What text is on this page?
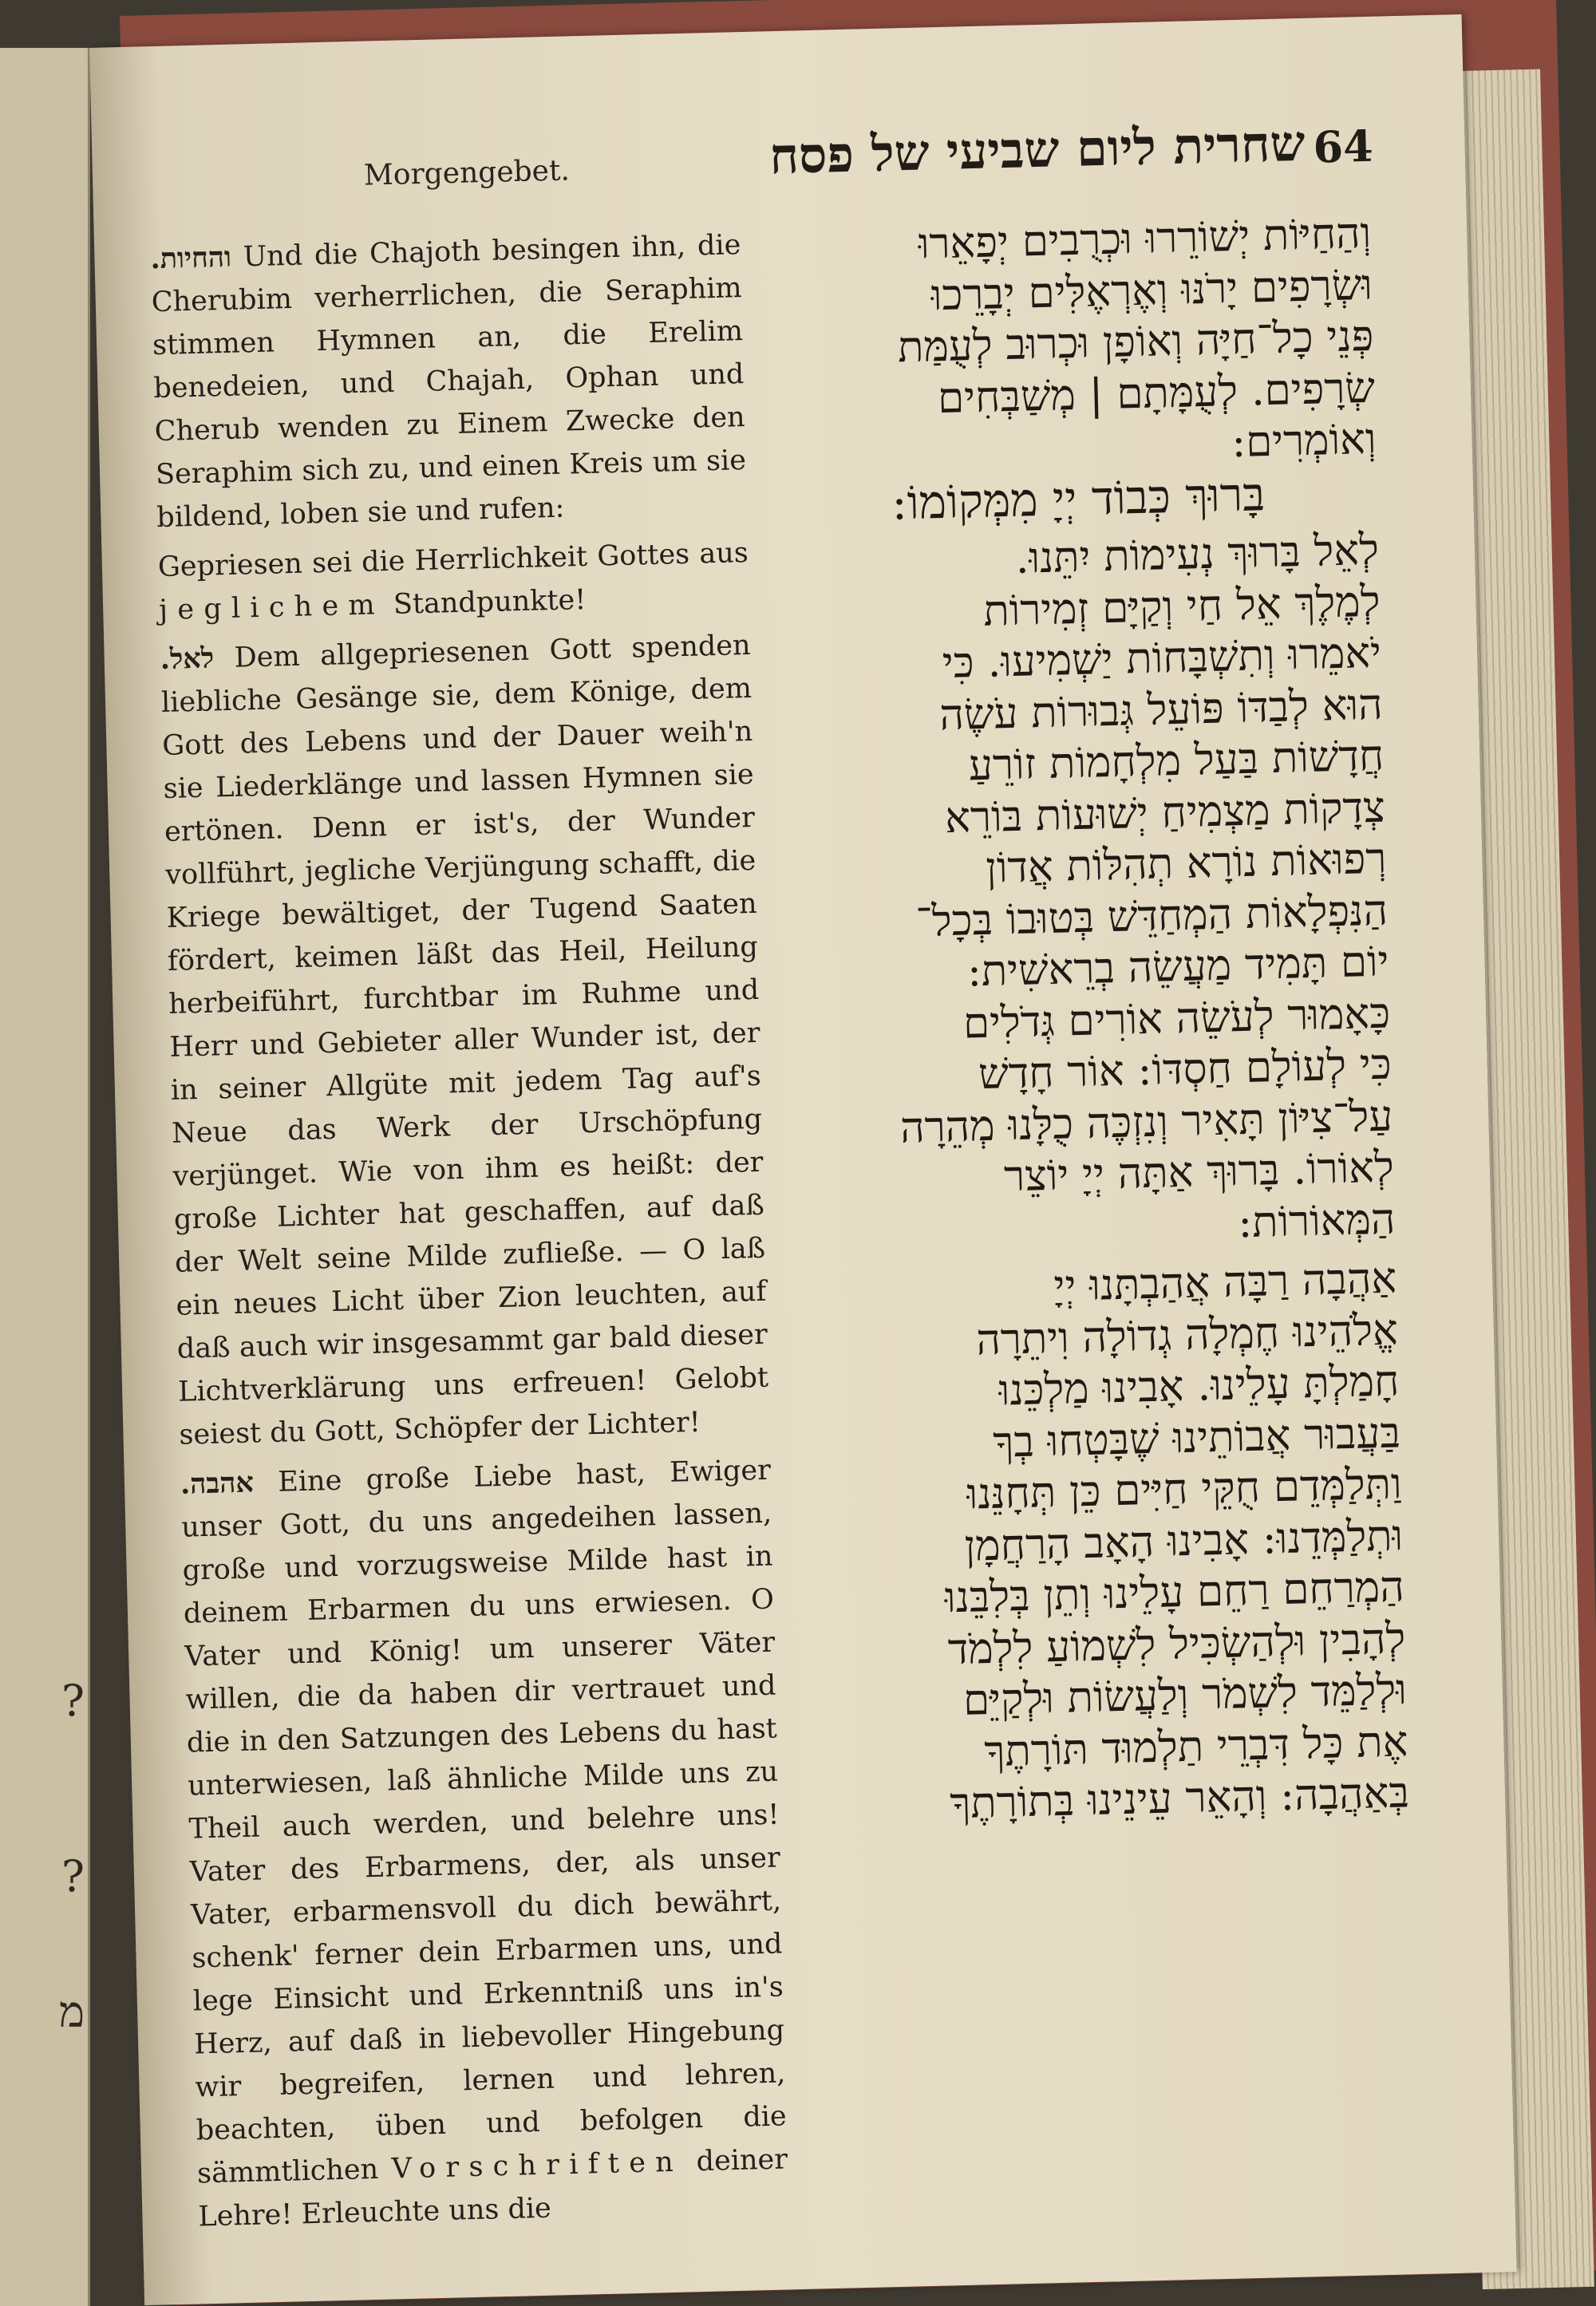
?
?
מ
Morgengebet.	שחרית ליום שביעי של פסח 64

והחיות. Und die Chajoth besingen ihn, die Cherubim verherrlichen, die Seraphim stimmen Hymnen an, die Erelim benedeien, und Chajah, Ophan und Cherub wenden zu Einem Zwecke den Seraphim sich zu, und einen Kreis um sie bildend, loben sie und rufen:

Gepriesen sei die Herrlichkeit Gottes aus jeglichem Standpunkte!

לאל. Dem allgepriesenen Gott spenden liebliche Gesänge sie, dem Könige, dem Gott des Lebens und der Dauer weih'n sie Liederklänge und lassen Hymnen sie ertönen. Denn er ist's, der Wunder vollführt, jegliche Verjüngung schafft, die Kriege bewältiget, der Tugend Saaten fördert, keimen läßt das Heil, Heilung herbeiführt, furchtbar im Ruhme und Herr und Gebieter aller Wunder ist, der in seiner Allgüte mit jedem Tag auf's Neue das Werk der Urschöpfung verjünget. Wie von ihm es heißt: der große Lichter hat geschaffen, auf daß der Welt seine Milde zufließe. — O laß ein neues Licht über Zion leuchten, auf daß auch wir insgesammt gar bald dieser Lichtverklärung uns erfreuen! Gelobt seiest du Gott, Schöpfer der Lichter!

אהבה. Eine große Liebe hast, Ewiger unser Gott, du uns angedeihen lassen, große und vorzugsweise Milde hast in deinem Erbarmen du uns erwiesen. O Vater und König! um unserer Väter willen, die da haben dir vertrauet und die in den Satzungen des Lebens du hast unterwiesen, laß ähnliche Milde uns zu Theil auch werden, und belehre uns! Vater des Erbarmens, der, als unser Vater, erbarmensvoll du dich bewährt, schenk' ferner dein Erbarmen uns, und lege Einsicht und Erkenntniß uns in's Herz, auf daß in liebevoller Hingebung wir begreifen, lernen und lehren, beachten, üben und befolgen die sämmtlichen Vorschriften deiner Lehre! Erleuchte uns die

וְהַחַיּוֹת יְשׁוֹרֵרוּ וּכְרֻבִים יְפָאֵרוּ

וּשְׂרָפִים יָרֹנּוּ וְאֶרְאֶלִּים יְבָרֵכוּ

פְּנֵי כָל־חַיָּה וְאוֹפָן וּכְרוּב לְעֻמַּת

שְׂרָפִים. לְעֻמָּתָם | מְשַׁבְּחִים

וְאוֹמְרִים:

בָּרוּךְ כְּבוֹד יְיָ מִמְּקוֹמוֹ:

לְאֵל בָּרוּךְ נְעִימוֹת יִתֵּנוּ.

לְמֶלֶךְ אֵל חַי וְקַיָּם זְמִירוֹת

יֹאמֵרוּ וְתִשְׁבָּחוֹת יַשְׁמִיעוּ. כִּי

הוּא לְבַדּוֹ פּוֹעֵל גְּבוּרוֹת עֹשֶׂה

חֲדָשׁוֹת בַּעַל מִלְחָמוֹת זוֹרֵעַ

צְדָקוֹת מַצְמִיחַ יְשׁוּעוֹת בּוֹרֵא

רְפוּאוֹת נוֹרָא תְהִלּוֹת אֲדוֹן

הַנִּפְלָאוֹת הַמְחַדֵּשׁ בְּטוּבוֹ בְּכָל־

יוֹם תָּמִיד מַעֲשֵׂה בְרֵאשִׁית:

כָּאָמוּר לְעֹשֵׂה אוֹרִים גְּדֹלִים

כִּי לְעוֹלָם חַסְדּוֹ: אוֹר חָדָשׁ

עַל־צִיּוֹן תָּאִיר וְנִזְכֶּה כֻלָּנוּ מְהֵרָה

לְאוֹרוֹ. בָּרוּךְ אַתָּה יְיָ יוֹצֵר

הַמְּאוֹרוֹת:

אַהֲבָה רַבָּה אֲהַבְתָּנוּ יְיָ

אֱלֹהֵינוּ חֶמְלָה גְדוֹלָה וִיתֵרָה

חָמַלְתָּ עָלֵינוּ. אָבִינוּ מַלְכֵּנוּ

בַּעֲבוּר אֲבוֹתֵינוּ שֶׁבָּטְחוּ בְךָ

וַתְּלַמְּדֵם חֻקֵּי חַיִּים כֵּן תְּחָנֵּנוּ

וּתְלַמְּדֵנוּ: אָבִינוּ הָאָב הָרַחֲמָן

הַמְרַחֵם רַחֵם עָלֵינוּ וְתֵן בְּלִבֵּנוּ

לְהָבִין וּלְהַשְׂכִּיל לִשְׁמוֹעַ לִלְמֹד

וּלְלַמֵּד לִשְׁמֹר וְלַעֲשׂוֹת וּלְקַיֵּם

אֶת כָּל דִּבְרֵי תַלְמוּד תּוֹרָתֶךָ

בְּאַהֲבָה: וְהָאֵר עֵינֵינוּ בְּתוֹרָתֶךָ
